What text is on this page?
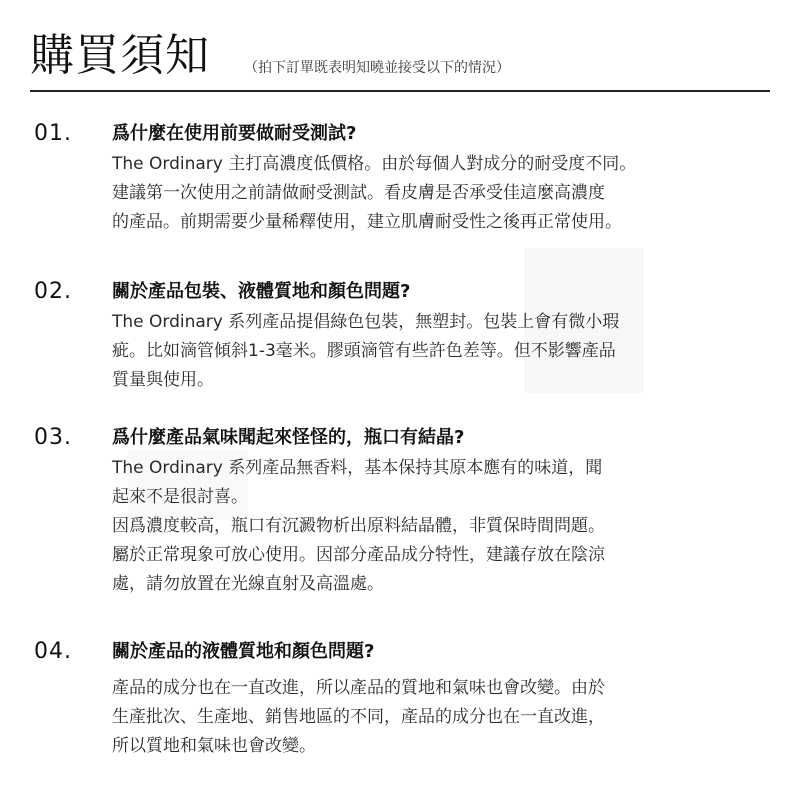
購買須知 （拍下訂單既表明知曉並接受以下的情況）
01. 爲什麼在使用前要做耐受測試?
The Ordinary 主打高濃度低價格。由於每個人對成分的耐受度不同。
建議第一次使用之前請做耐受測試。看皮膚是否承受佳這麼高濃度
的產品。前期需要少量稀釋使用，建立肌膚耐受性之後再正常使用。
02. 關於產品包裝、液體質地和顏色問題?
The Ordinary 系列產品提倡綠色包裝，無塑封。包裝上會有微小瑕
疵。比如滴管傾斜1-3毫米。膠頭滴管有些許色差等。但不影響產品
質量與使用。
03. 爲什麼產品氣味聞起來怪怪的，瓶口有結晶?
The Ordinary 系列產品無香料，基本保持其原本應有的味道，聞
起來不是很討喜。
因爲濃度較高，瓶口有沉澱物析出原料結晶體，非質保時間問題。
屬於正常現象可放心使用。因部分產品成分特性，建議存放在陰涼
處，請勿放置在光線直射及高溫處。
04. 關於產品的液體質地和顏色問題?
產品的成分也在一直改進，所以產品的質地和氣味也會改變。由於
生產批次、生產地、銷售地區的不同，產品的成分也在一直改進，
所以質地和氣味也會改變。
